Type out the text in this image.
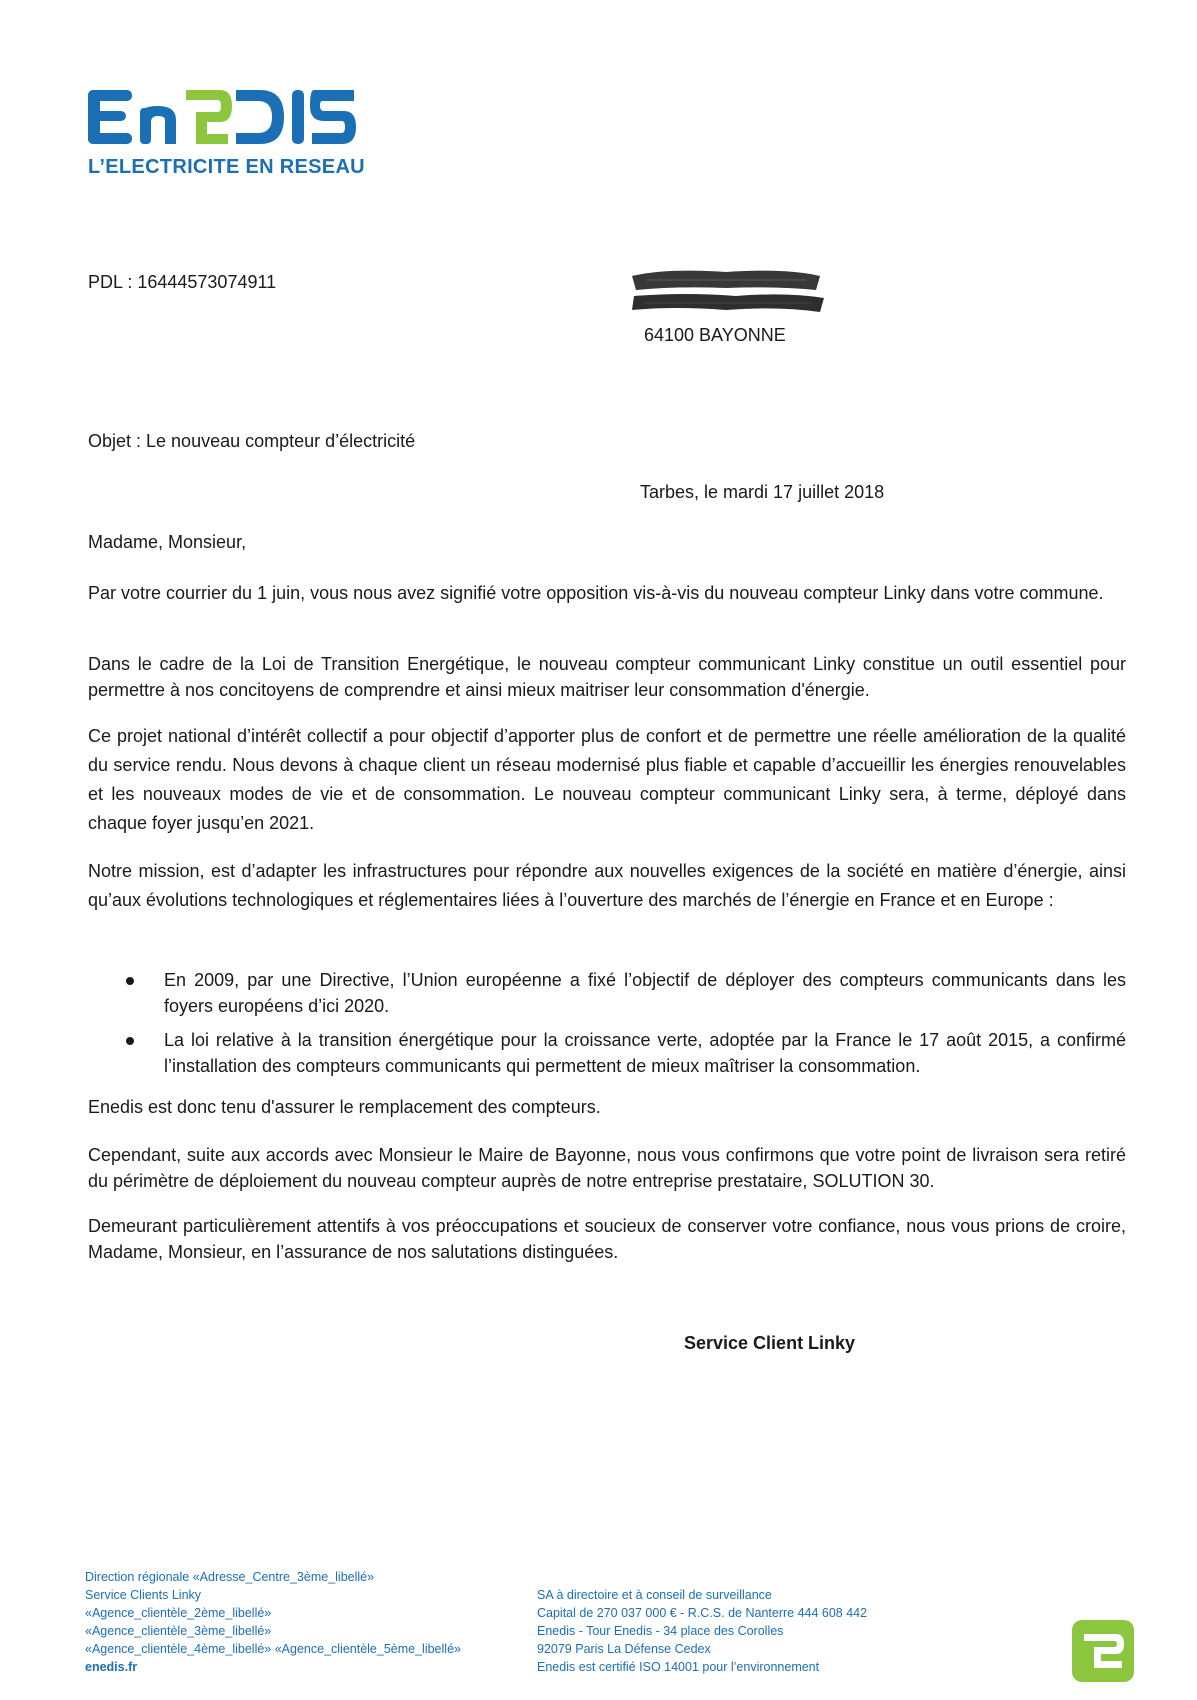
L’ELECTRICITE EN RESEAU
PDL : 16444573074911
64100 BAYONNE
Objet : Le nouveau compteur d’électricité
Tarbes, le mardi 17 juillet 2018
Madame, Monsieur,

Par votre courrier du 1 juin, vous nous avez signifié votre opposition vis-à-vis du nouveau compteur Linky dans votre commune.

Dans le cadre de la Loi de Transition Energétique, le nouveau compteur communicant Linky constitue un outil essentiel pour permettre à nos concitoyens de comprendre et ainsi mieux maitriser leur consommation d'énergie.

Ce projet national d’intérêt collectif a pour objectif d’apporter plus de confort et de permettre une réelle amélioration de la qualité du service rendu. Nous devons à chaque client un réseau modernisé plus fiable et capable d’accueillir les énergies renouvelables et les nouveaux modes de vie et de consommation. Le nouveau compteur communicant Linky sera, à terme, déployé dans chaque foyer jusqu’en 2021.

Notre mission, est d’adapter les infrastructures pour répondre aux nouvelles exigences de la société en matière d’énergie, ainsi qu’aux évolutions technologiques et réglementaires liées à l’ouverture des marchés de l’énergie en France et en Europe :

En 2009, par une Directive, l’Union européenne a fixé l’objectif de déployer des compteurs communicants dans les foyers européens d’ici 2020.
La loi relative à la transition énergétique pour la croissance verte, adoptée par la France le 17 août 2015, a confirmé l’installation des compteurs communicants qui permettent de mieux maîtriser la consommation.

Enedis est donc tenu d'assurer le remplacement des compteurs.

Cependant, suite aux accords avec Monsieur le Maire de Bayonne, nous vous confirmons que votre point de livraison sera retiré du périmètre de déploiement du nouveau compteur auprès de notre entreprise prestataire, SOLUTION 30.

Demeurant particulièrement attentifs à vos préoccupations et soucieux de conserver votre confiance, nous vous prions de croire, Madame, Monsieur, en l’assurance de nos salutations distinguées.

Service Client Linky
Direction régionale «Adresse_Centre_3ème_libellé»
Service Clients Linky
«Agence_clientèle_2ème_libellé»
«Agence_clientèle_3ème_libellé»
«Agence_clientèle_4ème_libellé» «Agence_clientèle_5ème_libellé»
enedis.fr
SA à directoire et à conseil de surveillance
Capital de 270 037 000 € - R.C.S. de Nanterre 444 608 442
Enedis - Tour Enedis - 34 place des Corolles
92079 Paris La Défense Cedex
Enedis est certifié ISO 14001 pour l’environnement
